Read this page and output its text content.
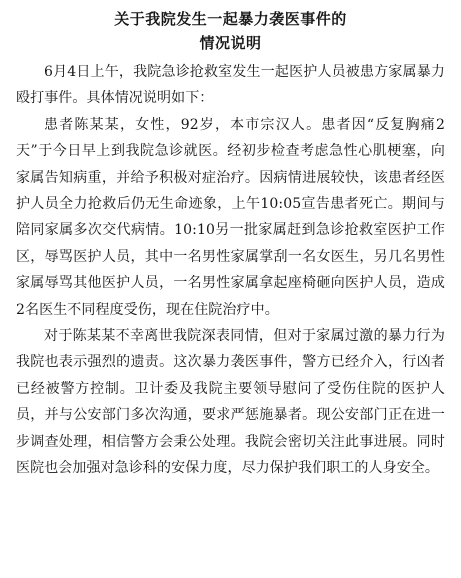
关于我院发生一起暴力袭医事件的
情况说明

6月4日上午，我院急诊抢救室发生一起医护人员被患方家属暴力殴打事件。具体情况说明如下：

患者陈某某，女性，92岁，本市宗汉人。患者因“反复胸痛2天”于今日早上到我院急诊就医。经初步检查考虑急性心肌梗塞，向家属告知病重，并给予积极对症治疗。因病情进展较快，该患者经医护人员全力抢救后仍无生命迹象，上午10:05宣告患者死亡。期间与陪同家属多次交代病情。10:10另一批家属赶到急诊抢救室医护工作区，辱骂医护人员，其中一名男性家属掌刮一名女医生，另几名男性家属辱骂其他医护人员，一名男性家属拿起座椅砸向医护人员，造成2名医生不同程度受伤，现在住院治疗中。

对于陈某某不幸离世我院深表同情，但对于家属过激的暴力行为我院也表示强烈的遗责。这次暴力袭医事件，警方已经介入，行凶者已经被警方控制。卫计委及我院主要领导慰问了受伤住院的医护人员，并与公安部门多次沟通，要求严惩施暴者。现公安部门正在进一步调查处理，相信警方会秉公处理。我院会密切关注此事进展。同时医院也会加强对急诊科的安保力度，尽力保护我们职工的人身安全。
